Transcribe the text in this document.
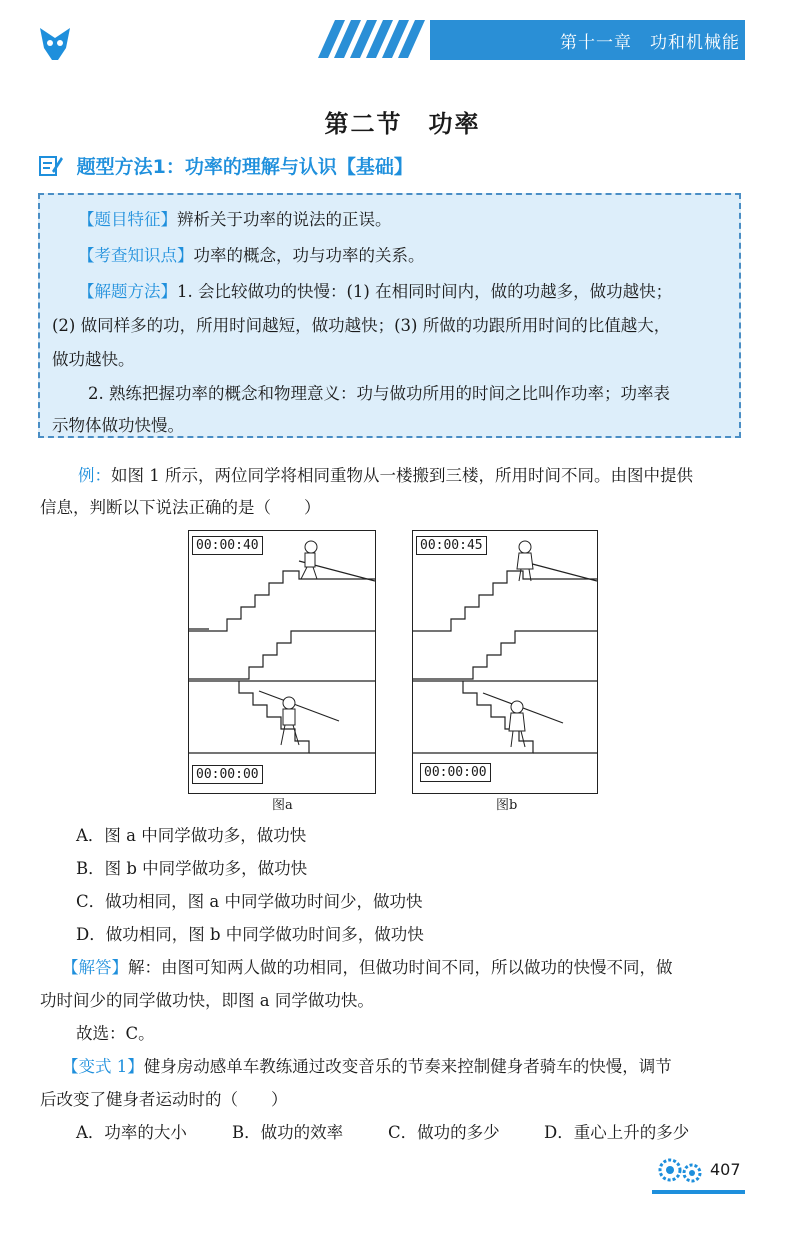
第十一章　功和机械能
第二节　功率
题型方法1：功率的理解与认识【基础】
【题目特征】辨析关于功率的说法的正误。
【考查知识点】功率的概念，功与功率的关系。
【解题方法】1. 会比较做功的快慢：(1) 在相同时间内，做的功越多，做功越快；
(2) 做同样多的功，所用时间越短，做功越快；(3) 所做的功跟所用时间的比值越大，
做功越快。
2. 熟练把握功率的概念和物理意义：功与做功所用的时间之比叫作功率；功率表
示物体做功快慢。
例：如图 1 所示，两位同学将相同重物从一楼搬到三楼，所用时间不同。由图中提供
信息，判断以下说法正确的是（　　）
00:00:40
00:00:00
图a
00:00:45
00:00:00
图b
A．图 a 中同学做功多，做功快
B．图 b 中同学做功多，做功快
C．做功相同，图 a 中同学做功时间少，做功快
D．做功相同，图 b 中同学做功时间多，做功快
【解答】解：由图可知两人做的功相同，但做功时间不同，所以做功的快慢不同，做
功时间少的同学做功快，即图 a 同学做功快。
故选：C。
【变式 1】健身房动感单车教练通过改变音乐的节奏来控制健身者骑车的快慢，调节
后改变了健身者运动时的（　　）
A．功率的大小	B．做功的效率	C．做功的多少	D．重心上升的多少
407
